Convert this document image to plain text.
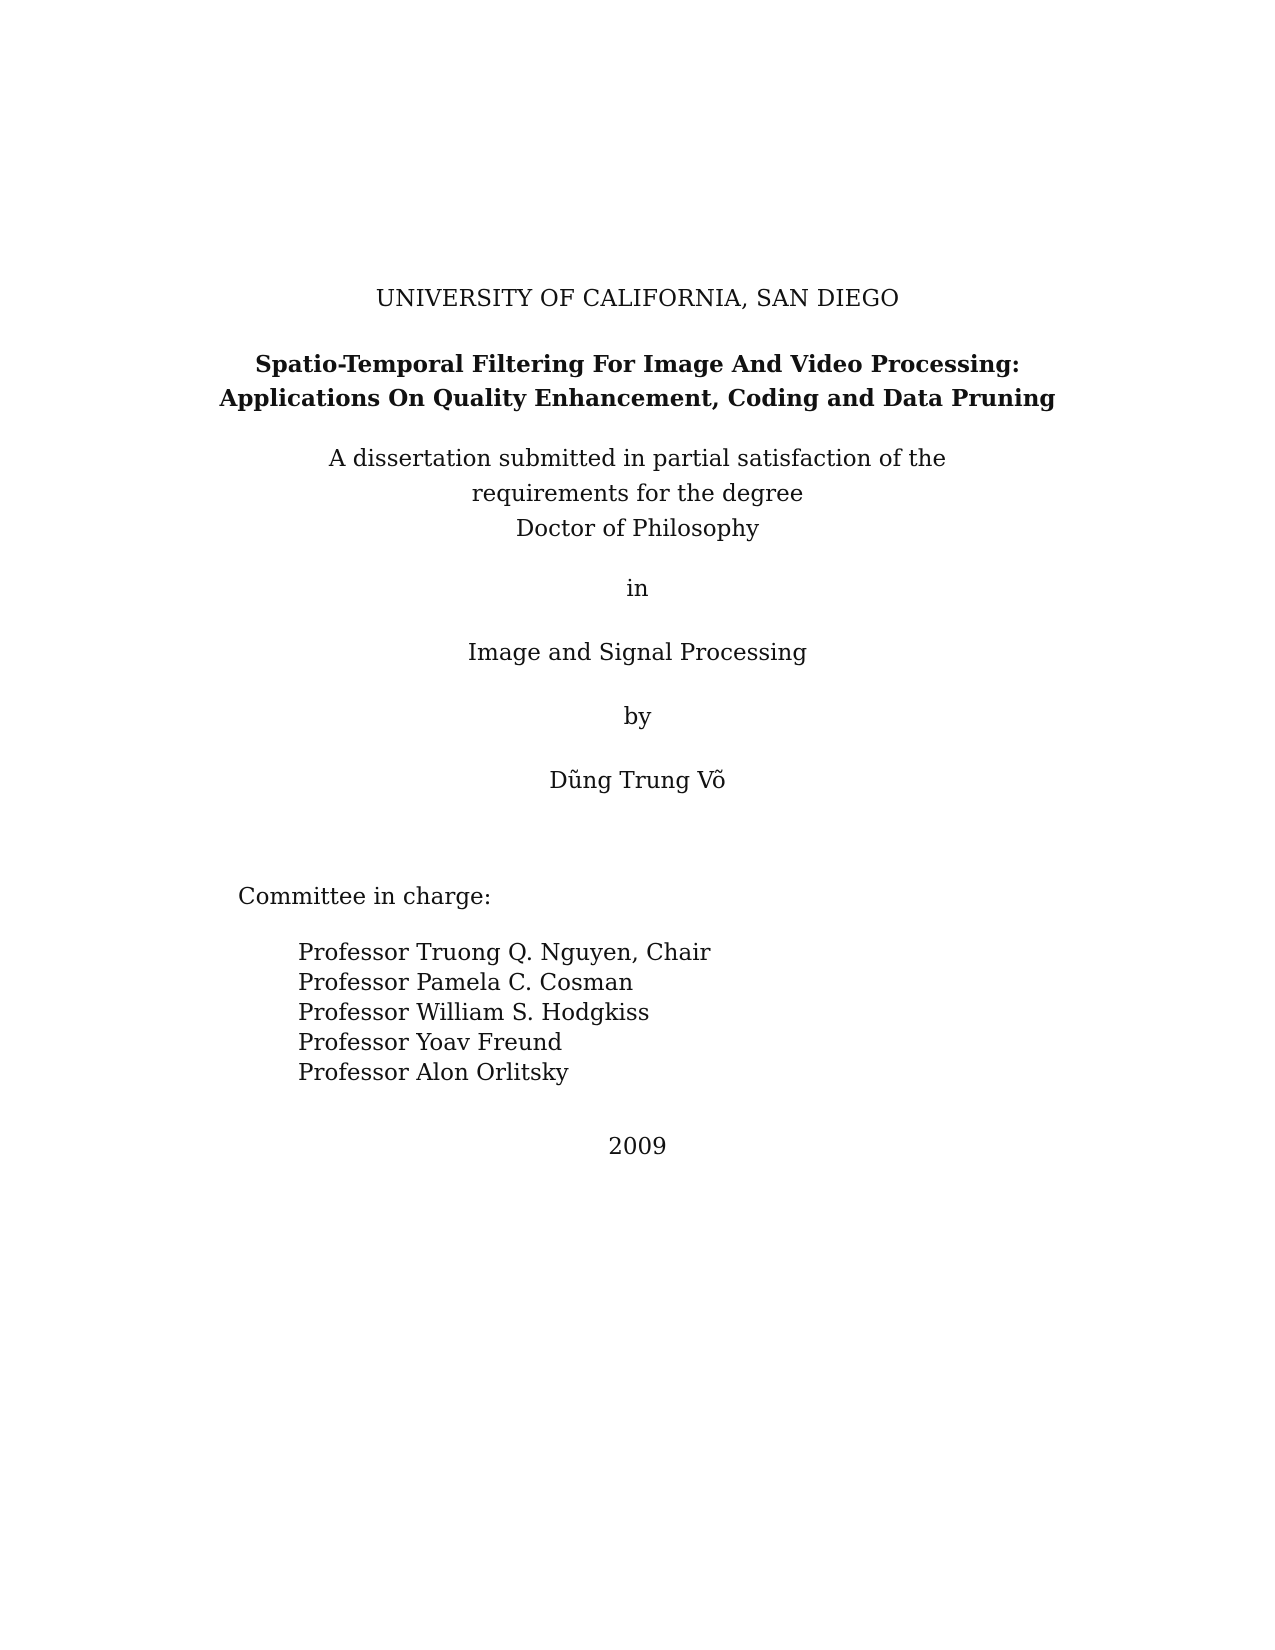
UNIVERSITY OF CALIFORNIA, SAN DIEGO
Spatio-Temporal Filtering For Image And Video Processing:
Applications On Quality Enhancement, Coding and Data Pruning
A dissertation submitted in partial satisfaction of the
requirements for the degree
Doctor of Philosophy
in
Image and Signal Processing
by
Dũng Trung Võ
Committee in charge:
Professor Truong Q. Nguyen, Chair
Professor Pamela C. Cosman
Professor William S. Hodgkiss
Professor Yoav Freund
Professor Alon Orlitsky
2009
